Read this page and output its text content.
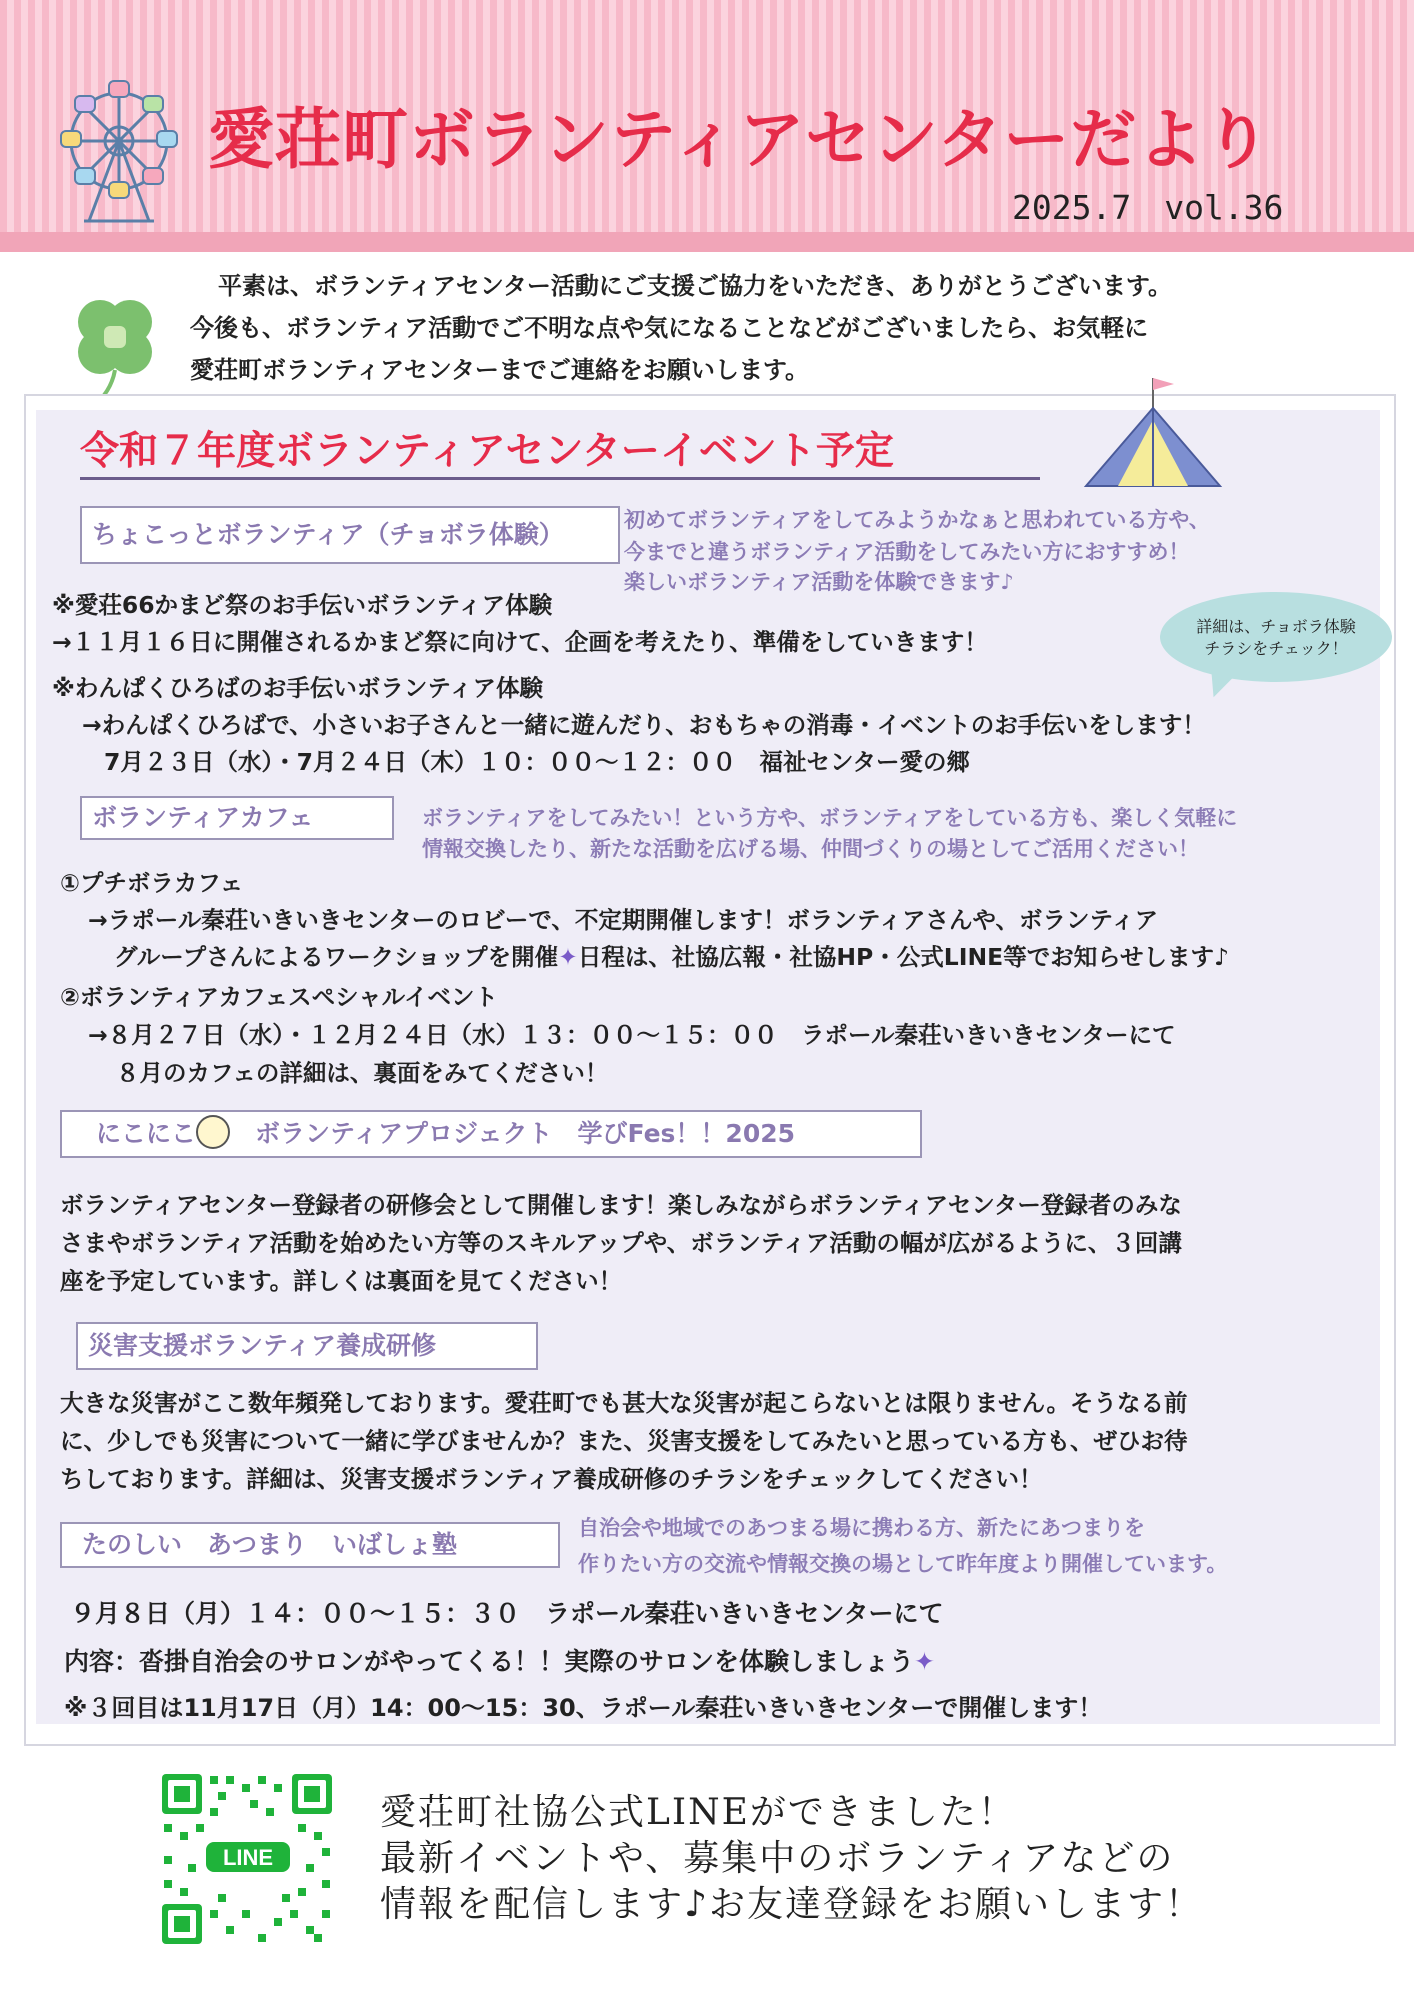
愛荘町ボランティアセンターだより
2025.7　vol.36
平素は、ボランティアセンター活動にご支援ご協力をいただき、ありがとうございます。
今後も、ボランティア活動でご不明な点や気になることなどがございましたら、お気軽に
愛荘町ボランティアセンターまでご連絡をお願いします。
令和７年度ボランティアセンターイベント予定
ちょこっとボランティア（チョボラ体験）	初めてボランティアをしてみようかなぁと思われている方や、
今までと違うボランティア活動をしてみたい方におすすめ！
楽しいボランティア活動を体験できます♪
詳細は、チョボラ体験
チラシをチェック！
※愛荘66かまど祭のお手伝いボランティア体験
→１１月１６日に開催されるかまど祭に向けて、企画を考えたり、準備をしていきます！
※わんぱくひろばのお手伝いボランティア体験
→わんぱくひろばで、小さいお子さんと一緒に遊んだり、おもちゃの消毒・イベントのお手伝いをします！
7月２３日（水）・7月２４日（木）１０：００～１２：００　福祉センター愛の郷
ボランティアカフェ	ボランティアをしてみたい！という方や、ボランティアをしている方も、楽しく気軽に
情報交換したり、新たな活動を広げる場、仲間づくりの場としてご活用ください！
①プチボラカフェ
→ラポール秦荘いきいきセンターのロビーで、不定期開催します！ボランティアさんや、ボランティア
グループさんによるワークショップを開催✦日程は、社協広報・社協HP・公式LINE等でお知らせします♪
②ボランティアカフェスペシャルイベント
→８月２７日（水）・１２月２４日（水）１３：００～１５：００　ラポール秦荘いきいきセンターにて
８月のカフェの詳細は、裏面をみてください！
にこにこ　 ボランティアプロジェクト　学びFes！！2025
ボランティアセンター登録者の研修会として開催します！楽しみながらボランティアセンター登録者のみな
さまやボランティア活動を始めたい方等のスキルアップや、ボランティア活動の幅が広がるように、３回講
座を予定しています。詳しくは裏面を見てください！
災害支援ボランティア養成研修
大きな災害がここ数年頻発しております。愛荘町でも甚大な災害が起こらないとは限りません。そうなる前
に、少しでも災害について一緒に学びませんか？また、災害支援をしてみたいと思っている方も、ぜひお待
ちしております。詳細は、災害支援ボランティア養成研修のチラシをチェックしてください！
たのしい　あつまり　いばしょ塾
自治会や地域でのあつまる場に携わる方、新たにあつまりを
作りたい方の交流や情報交換の場として昨年度より開催しています。
９月８日（月）１４：００～１５：３０　ラポール秦荘いきいきセンターにて
内容：沓掛自治会のサロンがやってくる！！実際のサロンを体験しましょう✦
※３回目は11月17日（月）14：00～15：30、ラポール秦荘いきいきセンターで開催します！
LINE
愛荘町社協公式LINEができました！
最新イベントや、募集中のボランティアなどの
情報を配信します♪お友達登録をお願いします！
